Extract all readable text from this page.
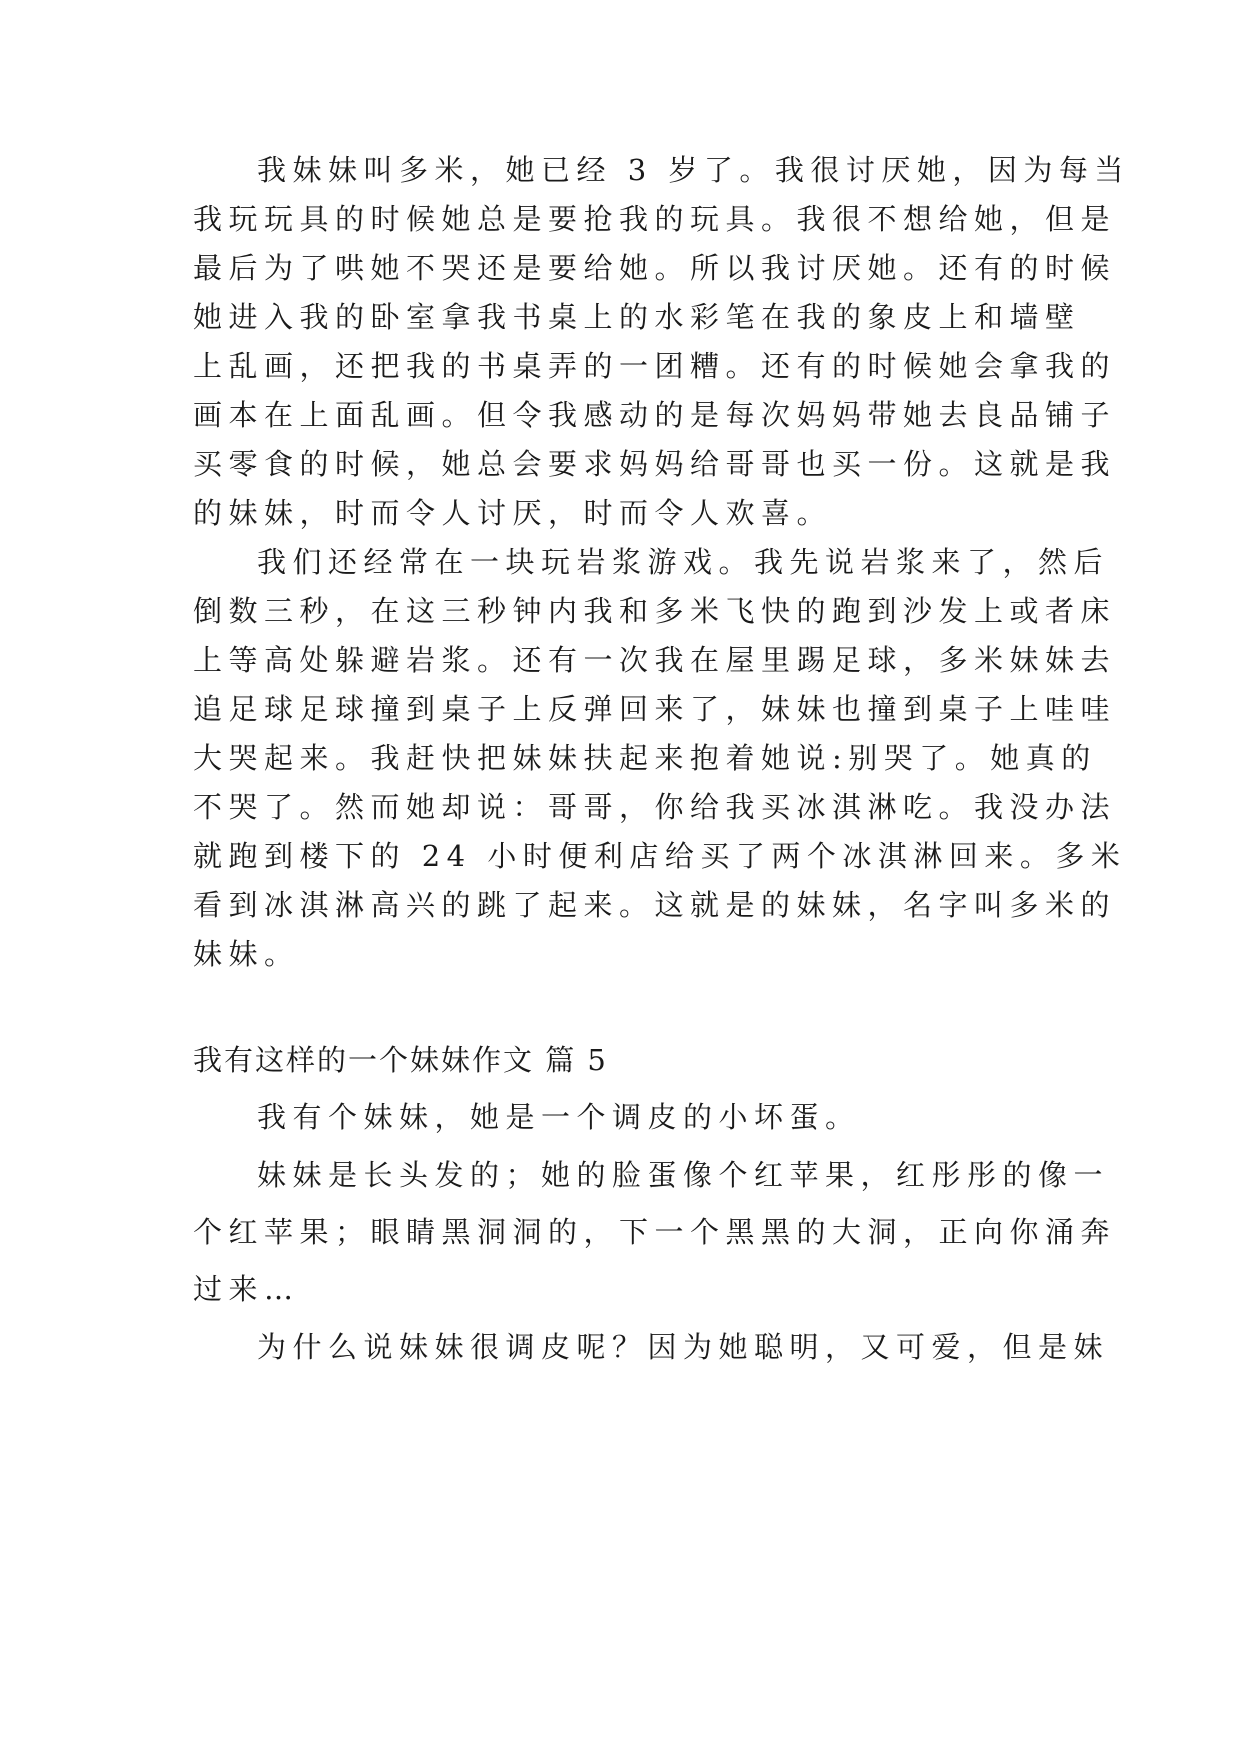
我妹妹叫多米，她已经 3 岁了。我很讨厌她，因为每当
我玩玩具的时候她总是要抢我的玩具。我很不想给她，但是
最后为了哄她不哭还是要给她。所以我讨厌她。还有的时候
她进入我的卧室拿我书桌上的水彩笔在我的象皮上和墙壁
上乱画，还把我的书桌弄的一团糟。还有的时候她会拿我的
画本在上面乱画。但令我感动的是每次妈妈带她去良品铺子
买零食的时候，她总会要求妈妈给哥哥也买一份。这就是我
的妹妹，时而令人讨厌，时而令人欢喜。
我们还经常在一块玩岩浆游戏。我先说岩浆来了，然后
倒数三秒，在这三秒钟内我和多米飞快的跑到沙发上或者床
上等高处躲避岩浆。还有一次我在屋里踢足球，多米妹妹去
追足球足球撞到桌子上反弹回来了，妹妹也撞到桌子上哇哇
大哭起来。我赶快把妹妹扶起来抱着她说:别哭了。她真的
不哭了。然而她却说：哥哥，你给我买冰淇淋吃。我没办法
就跑到楼下的 24 小时便利店给买了两个冰淇淋回来。多米
看到冰淇淋高兴的跳了起来。这就是的妹妹，名字叫多米的
妹妹。
我有这样的一个妹妹作文 篇 5
我有个妹妹，她是一个调皮的小坏蛋。
妹妹是长头发的；她的脸蛋像个红苹果，红彤彤的像一
个红苹果；眼睛黑洞洞的，下一个黑黑的大洞，正向你涌奔
过来…
为什么说妹妹很调皮呢？因为她聪明，又可爱，但是妹
